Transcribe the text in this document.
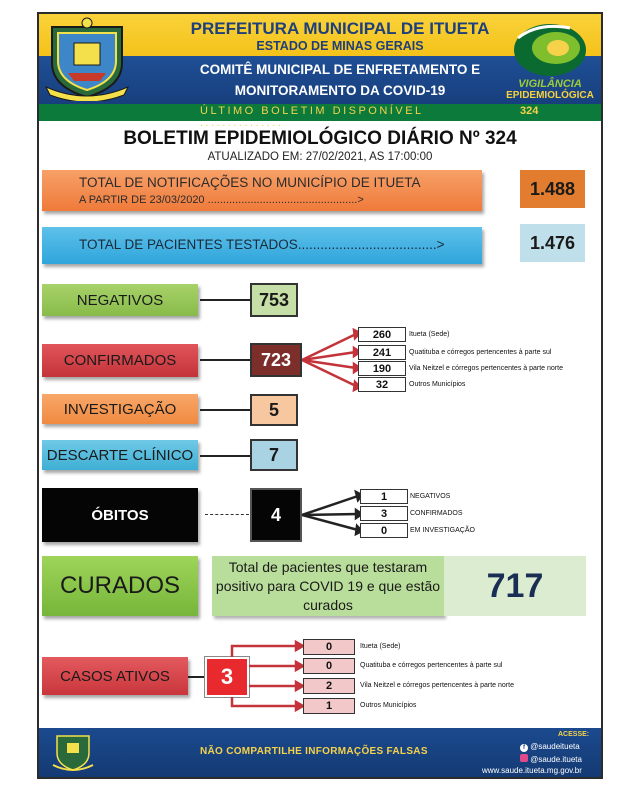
PREFEITURA MUNICIPAL DE ITUETA
ESTADO DE MINAS GERAIS
COMITÊ MUNICIPAL DE ENFRETAMENTO E
MONITORAMENTO DA COVID-19
ÚLTIMO BOLETIM DISPONÍVEL ...............
324
VIGILÂNCIA
EPIDEMIOLÓGICA
BOLETIM EPIDEMIOLÓGICO DIÁRIO Nº 324
ATUALIZADO EM: 27/02/2021, AS 17:00:00
TOTAL DE NOTIFICAÇÕES NO MUNICÍPIO DE ITUETA
A PARTIR DE 23/03/2020 .................................................>
1.488
TOTAL DE PACIENTES TESTADOS.....................................>	1.476
NEGATIVOS	753
CONFIRMADOS	723
260	Itueta (Sede)
241	Quatituba e córregos pertencentes à parte sul
190	Vila Neitzel e córregos pertencentes à parte norte
32	Outros Municípios
INVESTIGAÇÃO	5
DESCARTE CLÍNICO	7
ÓBITOS	4
1	NEGATIVOS
3	CONFIRMADOS
0	EM INVESTIGAÇÃO
CURADOS
Total de pacientes que testaram positivo para COVID 19 e que estão curados	717
CASOS ATIVOS	3
0	Itueta (Sede)
0	Quatituba e córregos pertencentes à parte sul
2	Vila Neitzel e córregos pertencentes à parte norte
1	Outros Municípios
NÃO COMPARTILHE INFORMAÇÕES FALSAS
ACESSE:
f @saudeitueta
@saude.itueta
www.saude.itueta.mg.gov.br
